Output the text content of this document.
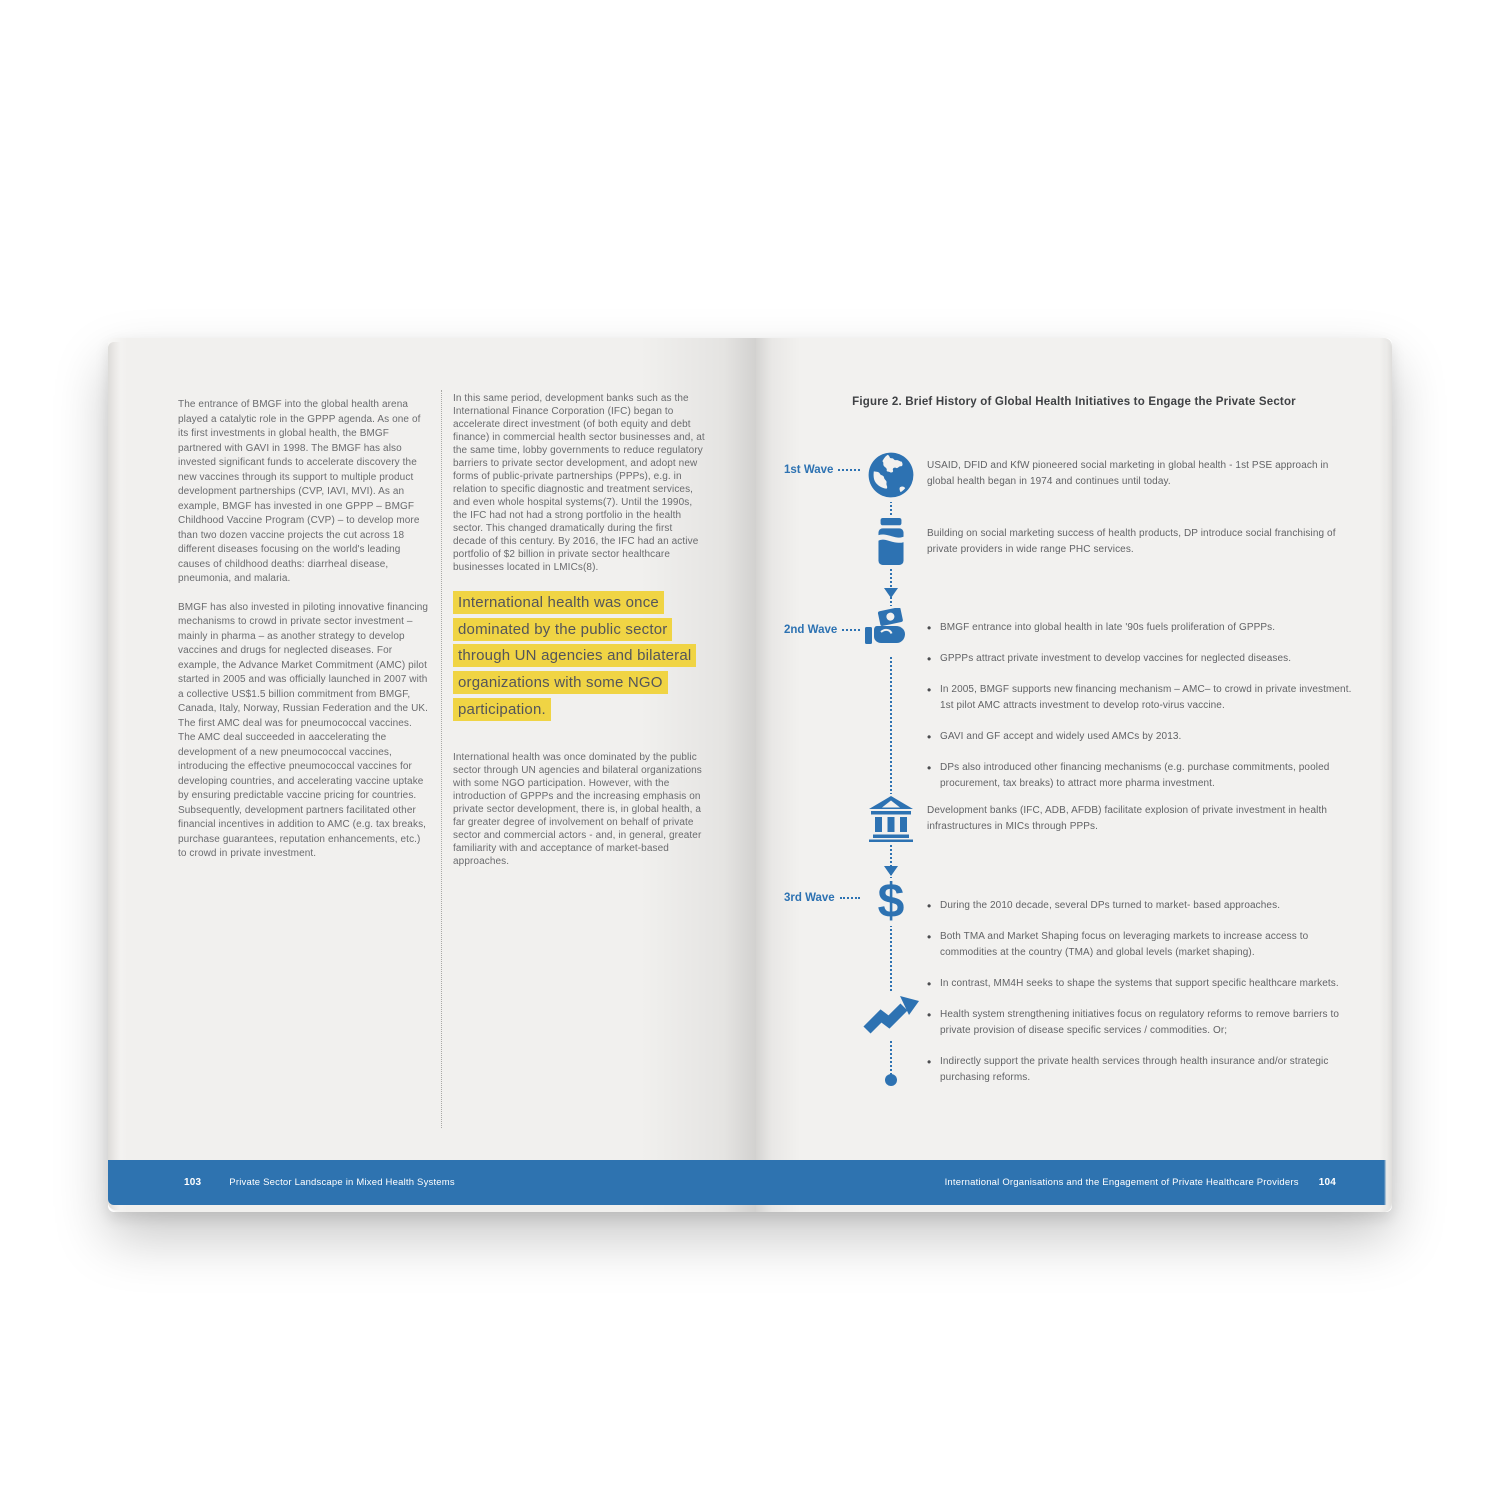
The entrance of BMGF into the global health arena played a catalytic role in the GPPP agenda. As one of its first investments in global health, the BMGF partnered with GAVI in 1998. The BMGF has also invested significant funds to accelerate discovery the new vaccines through its support to multiple product development partnerships (CVP, IAVI, MVI). As an example, BMGF has invested in one GPPP – BMGF Childhood Vaccine Program (CVP) – to develop more than two dozen vaccine projects the cut across 18 different diseases focusing on the world's leading causes of childhood deaths: diarrheal disease, pneumonia, and malaria.

BMGF has also invested in piloting innovative financing mechanisms to crowd in private sector investment – mainly in pharma – as another strategy to develop vaccines and drugs for neglected diseases. For example, the Advance Market Commitment (AMC) pilot started in 2005 and was officially launched in 2007 with a collective US$1.5 billion commitment from BMGF, Canada, Italy, Norway, Russian Federation and the UK. The first AMC deal was for pneumococcal vaccines. The AMC deal succeeded in aaccelerating the development of a new pneumococcal vaccines, introducing the effective pneumococcal vaccines for developing countries, and accelerating vaccine uptake by ensuring predictable vaccine pricing for countries. Subsequently, development partners facilitated other financial incentives in addition to AMC (e.g. tax breaks, purchase guarantees, reputation enhancements, etc.) to crowd in private investment.

In this same period, development banks such as the International Finance Corporation (IFC) began to accelerate direct investment (of both equity and debt finance) in commercial health sector businesses and, at the same time, lobby governments to reduce regulatory barriers to private sector development, and adopt new forms of public-private partnerships (PPPs), e.g. in relation to specific diagnostic and treatment services, and even whole hospital systems(7). Until the 1990s, the IFC had not had a strong portfolio in the health sector. This changed dramatically during the first decade of this century. By 2016, the IFC had an active portfolio of $2 billion in private sector healthcare businesses located in LMICs(8).

International health was once dominated by the public sector through UN agencies and bilateral organizations with some NGO participation.

International health was once dominated by the public sector through UN agencies and bilateral organizations with some NGO participation. However, with the introduction of GPPPs and the increasing emphasis on private sector development, there is, in global health, a far greater degree of involvement on behalf of private sector and commercial actors - and, in general, greater familiarity with and acceptance of market-based approaches.

103	Private Sector Landscape in Mixed Health Systems
Figure 2. Brief History of Global Health Initiatives to Engage the Private Sector
1st Wave	USAID, DFID and KfW pioneered social marketing in global health - 1st PSE approach in global health began in 1974 and continues until today.
Building on social marketing success of health products, DP introduce social franchising of private providers in wide range PHC services.
2nd Wave	• BMGF entrance into global health in late '90s fuels proliferation of GPPPs.
• GPPPs attract private investment to develop vaccines for neglected diseases.
• In 2005, BMGF supports new financing mechanism – AMC– to crowd in private investment. 1st pilot AMC attracts investment to develop roto-virus vaccine.
• GAVI and GF accept and widely used AMCs by 2013.
• DPs also introduced other financing mechanisms (e.g. purchase commitments, pooled procurement, tax breaks) to attract more pharma investment.
Development banks (IFC, ADB, AFDB) facilitate explosion of private investment in health infrastructures in MICs through PPPs.
3rd Wave $	• During the 2010 decade, several DPs turned to market- based approaches.
• Both TMA and Market Shaping focus on leveraging markets to increase access to commodities at the country (TMA) and global levels (market shaping).
• In contrast, MM4H seeks to shape the systems that support specific healthcare markets.
• Health system strengthening initiatives focus on regulatory reforms to remove barriers to private provision of disease specific services / commodities. Or;
• Indirectly support the private health services through health insurance and/or strategic purchasing reforms.
International Organisations and the Engagement of Private Healthcare Providers 104
